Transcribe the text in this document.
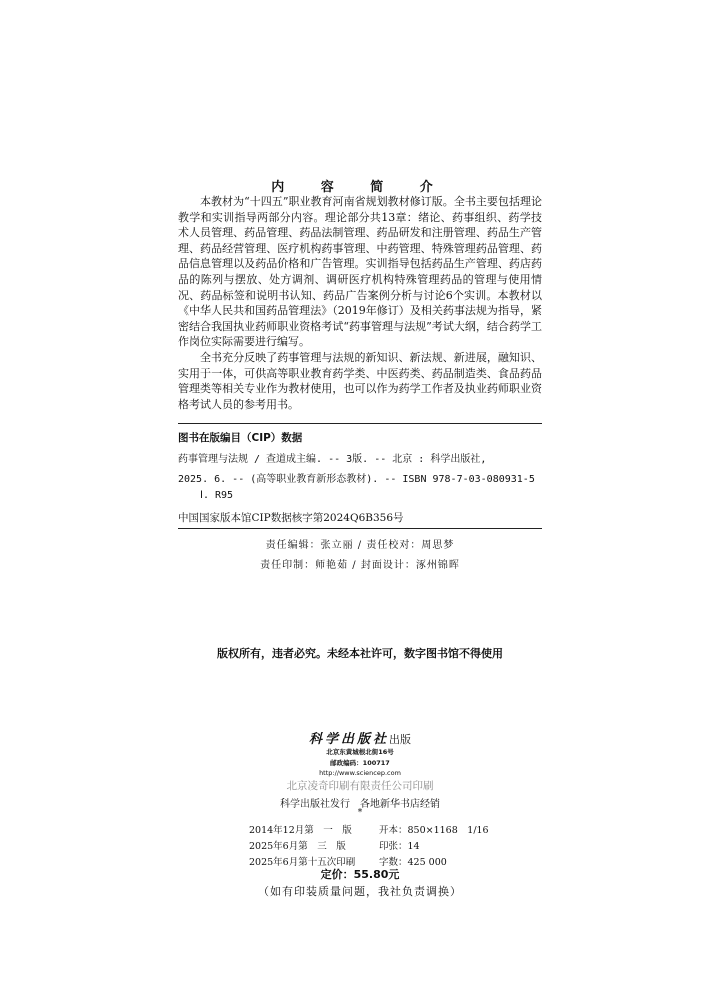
内 容 简 介

本教材为“十四五”职业教育河南省规划教材修订版。全书主要包括理论教学和实训指导两部分内容。理论部分共13章：绪论、药事组织、药学技术人员管理、药品管理、药品法制管理、药品研发和注册管理、药品生产管理、药品经营管理、医疗机构药事管理、中药管理、特殊管理药品管理、药品信息管理以及药品价格和广告管理。实训指导包括药品生产管理、药店药品的陈列与摆放、处方调剂、调研医疗机构特殊管理药品的管理与使用情况、药品标签和说明书认知、药品广告案例分析与讨论6个实训。本教材以《中华人民共和国药品管理法》（2019年修订）及相关药事法规为指导，紧密结合我国执业药师职业资格考试“药事管理与法规”考试大纲，结合药学工作岗位实际需要进行编写。

全书充分反映了药事管理与法规的新知识、新法规、新进展，融知识、实用于一体，可供高等职业教育药学类、中医药类、药品制造类、食品药品管理类等相关专业作为教材使用，也可以作为药学工作者及执业药师职业资格考试人员的参考用书。

图书在版编目（CIP）数据
药事管理与法规 / 查道成主编. -- 3版. -- 北京 : 科学出版社,
2025. 6. -- (高等职业教育新形态教材). -- ISBN 978-7-03-080931-5
Ⅰ. R95
中国国家版本馆CIP数据核字第2024Q6B356号
责任编辑：张立丽 / 责任校对：周思梦
责任印制：师艳茹 / 封面设计：涿州锦晖
版权所有，违者必究。未经本社许可，数字图书馆不得使用
科学出版社出版
北京东黄城根北街16号
邮政编码：100717
http://www.sciencep.com
北京凌奇印刷有限责任公司印刷
科学出版社发行　各地新华书店经销
*
2014年12月第　一　版	开本：850×1168　1/16
2025年6月第　三　版	印张：14
2025年6月第十五次印刷	字数：425 000
定价：55.80元
（如有印装质量问题，我社负责调换）
